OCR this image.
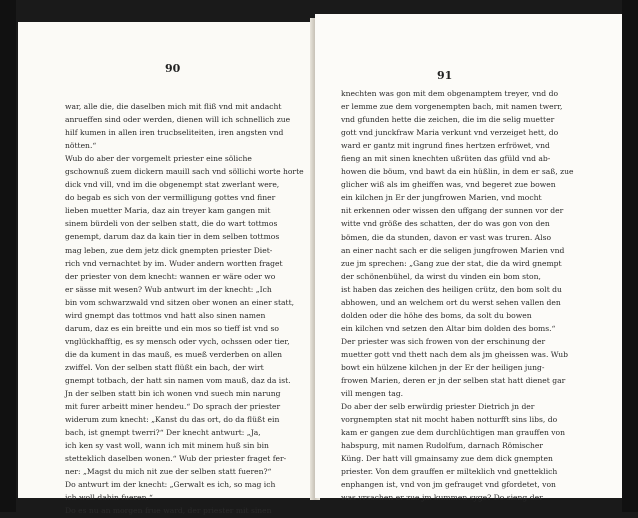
90
war, alle die, die daselben mich mit fliß vnd mit andacht
anrueffen sind oder werden, dienen will ich schnellich zue
hilf kumen in allen iren trucbseliteiten, iren angsten vnd
nötten.“
Wub do aber der vorgemelt priester eine söliche
gschownuß zuem dickern mauill sach vnd söllichi worte horte
dick vnd vill, vnd im die obgenempt stat zwerlant were,
do begab es sich von der vermilligung gottes vnd finer
lieben muetter Maria, daz ain treyer kam gangen mit
sinem bürdeli von der selben statt, die do wart tottmos
genempt, darum daz da kain tier in dem selben tottmos
mag leben, zue dem jetz dick gnempten priester Diet-
rich vnd vernachtet by im. Wuder andern wortten fraget
der priester von dem knecht: wannen er wäre oder wo
er sässe mit wesen? Wub antwurt im der knecht: „Ich
bin vom schwarzwald vnd sitzen ober wonen an einer statt,
wird gnempt das tottmos vnd hatt also sinen namen
darum, daz es ein breitte und ein mos so tieff ist vnd so
vnglückhafftig, es sy mensch oder vych, ochssen oder tier,
die da kument in das mauß, es mueß verderben on allen
zwiffel. Von der selben statt flüßt ein bach, der wirt
gnempt totbach, der hatt sin namen vom mauß, daz da ist.
Jn der selben statt bin ich wonen vnd suech min narung
mit furer arbeitt miner hendeu.“ Do sprach der priester
widerum zum knecht: „Kanst du das ort, do da flüßt ein
bach, ist gnempt twerri?“ Der knecht antwurt: „Ja,
ich ken sy vast woll, wann ich mit minem huß sin bin
stetteklich daselben wonen.“ Wub der priester fraget fer-
ner: „Magst du mich nit zue der selben statt fueren?“
Do antwurt im der knecht: „Gerwalt es ich, so mag ich
ich woll dahin fueren.“
Do es nu an morgen frue ward, der priester mit sinen
91
knechten was gon mit dem obgenamptem treyer, vnd do
er lemme zue dem vorgenempten bach, mit namen twerr,
vnd gfunden hette die zeichen, die im die selig muetter
gott vnd junckfraw Maria verkunt vnd verzeiget hett, do
ward er gantz mit ingrund fines hertzen erfröwet, vnd
fieng an mit sinen knechten ußrüten das gfüld vnd ab-
howen die böum, vnd bawt da ein hüßlin, in dem er saß, zue
glicher wiß als im gheiffen was, vnd begeret zue bowen
ein kilchen jn Er der jungfrowen Marien, vnd mocht
nit erkennen oder wissen den uffgang der sunnen vor der
witte vnd größe des schatten, der do was gon von den
bömen, die da stunden, davon er vast was truren. Also
an einer nacht sach er die seligen jungfrowen Marien vnd
zue jm sprechen: „Gang zue der stat, die da wird gnempt
der schönenbühel, da wirst du vinden ein bom ston,
ist haben das zeichen des heiligen crütz, den bom solt du
abhowen, und an welchem ort du werst sehen vallen den
dolden oder die höhe des boms, da solt du bowen
ein kilchen vnd setzen den Altar bim dolden des boms.“
Der priester was sich frowen von der erschinung der
muetter gott vnd thett nach dem als jm gheissen was. Wub
bowt ein hülzene kilchen jn der Er der heiligen jung-
frowen Marien, deren er jn der selben stat hatt dienet gar
vill mengen tag.
Do aber der selb erwürdig priester Dietrich jn der
vorgnempten stat nit mocht haben notturfft sins libs, do
kam er gangen zue dem durchlüchtigen man grauffen von
habspurg, mit namen Rudolfum, darnach Römischer
Küng. Der hatt vill gmainsamy zue dem dick gnempten
priester. Von dem grauffen er milteklich vnd gnetteklich
enphangen ist, vnd von jm gefrauget vnd gfordetet, von
was vrsachen er zue jm kummen syge? Do sieng der
